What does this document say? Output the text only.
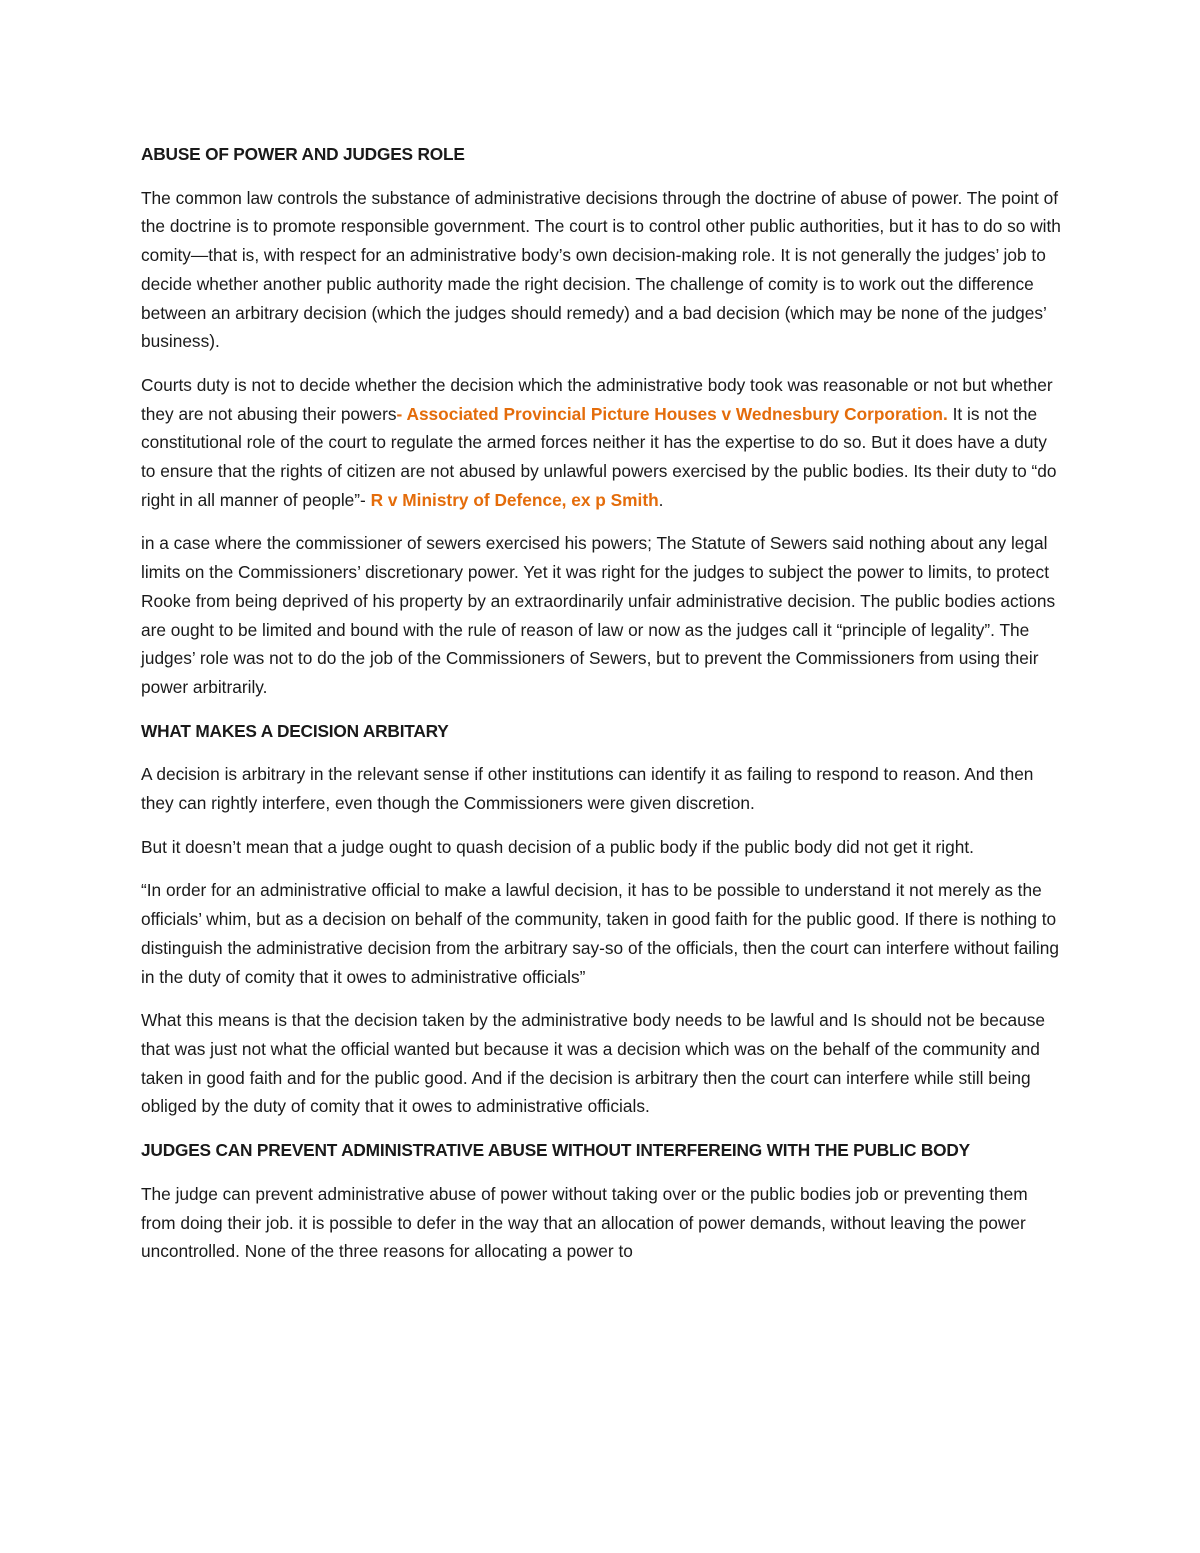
ABUSE OF POWER AND JUDGES ROLE

The common law controls the substance of administrative decisions through the doctrine of abuse of power. The point of the doctrine is to promote responsible government. The court is to control other public authorities, but it has to do so with comity—that is, with respect for an administrative body’s own decision-making role. It is not generally the judges’ job to decide whether another public authority made the right decision. The challenge of comity is to work out the difference between an arbitrary decision (which the judges should remedy) and a bad decision (which may be none of the judges’ business).

Courts duty is not to decide whether the decision which the administrative body took was reasonable or not but whether they are not abusing their powers- Associated Provincial Picture Houses v Wednesbury Corporation. It is not the constitutional role of the court to regulate the armed forces neither it has the expertise to do so. But it does have a duty to ensure that the rights of citizen are not abused by unlawful powers exercised by the public bodies. Its their duty to “do right in all manner of people”- R v Ministry of Defence, ex p Smith.

in a case where the commissioner of sewers exercised his powers; The Statute of Sewers said nothing about any legal limits on the Commissioners’ discretionary power. Yet it was right for the judges to subject the power to limits, to protect Rooke from being deprived of his property by an extraordinarily unfair administrative decision. The public bodies actions are ought to be limited and bound with the rule of reason of law or now as the judges call it “principle of legality”. The judges’ role was not to do the job of the Commissioners of Sewers, but to prevent the Commissioners from using their power arbitrarily.

WHAT MAKES A DECISION ARBITARY

A decision is arbitrary in the relevant sense if other institutions can identify it as failing to respond to reason. And then they can rightly interfere, even though the Commissioners were given discretion.

But it doesn’t mean that a judge ought to quash decision of a public body if the public body did not get it right.

“In order for an administrative official to make a lawful decision, it has to be possible to understand it not merely as the officials’ whim, but as a decision on behalf of the community, taken in good faith for the public good. If there is nothing to distinguish the administrative decision from the arbitrary say-so of the officials, then the court can interfere without failing in the duty of comity that it owes to administrative officials”

What this means is that the decision taken by the administrative body needs to be lawful and Is should not be because that was just not what the official wanted but because it was a decision which was on the behalf of the community and taken in good faith and for the public good. And if the decision is arbitrary then the court can interfere while still being obliged by the duty of comity that it owes to administrative officials.

JUDGES CAN PREVENT ADMINISTRATIVE ABUSE WITHOUT INTERFEREING WITH THE PUBLIC BODY

The judge can prevent administrative abuse of power without taking over or the public bodies job or preventing them from doing their job. it is possible to defer in the way that an allocation of power demands, without leaving the power uncontrolled. None of the three reasons for allocating a power to
